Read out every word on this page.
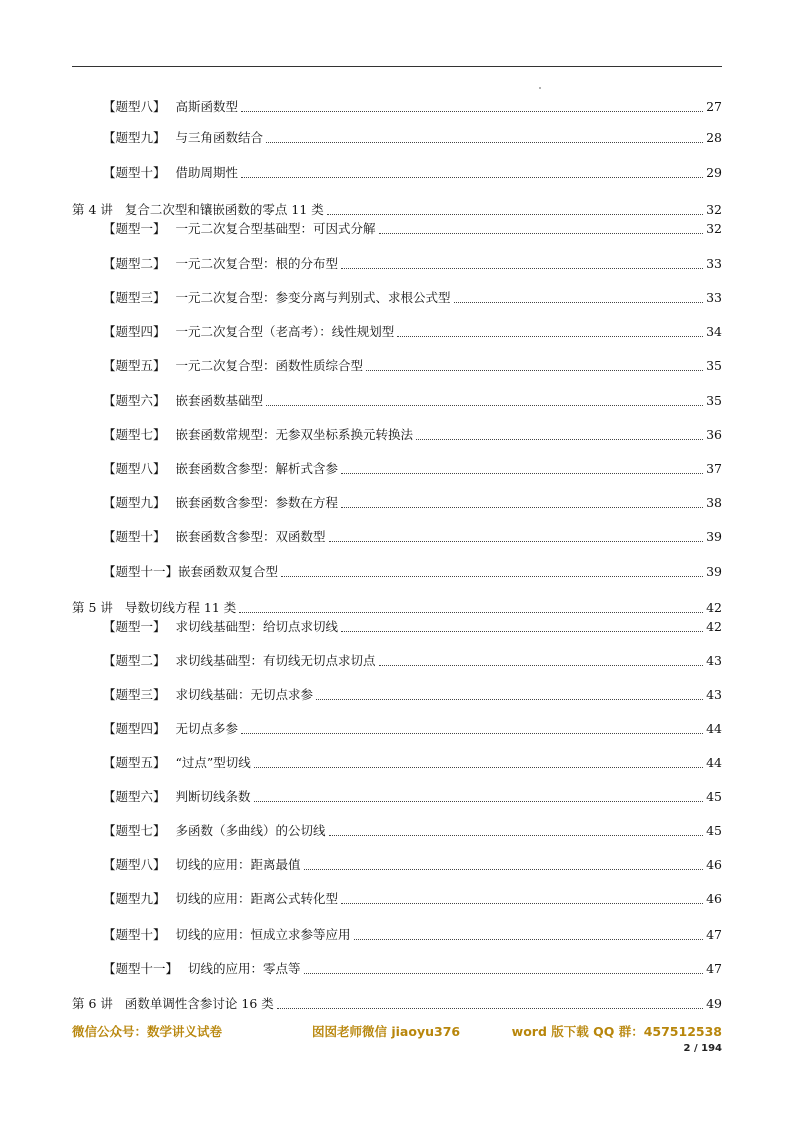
【题型八】 高斯函数型	27
【题型九】 与三角函数结合	28
【题型十】 借助周期性	29
第 4 讲 复合二次型和镶嵌函数的零点 11 类	32
【题型一】 一元二次复合型基础型：可因式分解	32
【题型二】 一元二次复合型：根的分布型	33
【题型三】 一元二次复合型：参变分离与判别式、求根公式型	33
【题型四】 一元二次复合型（老高考）：线性规划型	34
【题型五】 一元二次复合型：函数性质综合型	35
【题型六】 嵌套函数基础型	35
【题型七】 嵌套函数常规型：无参双坐标系换元转换法	36
【题型八】 嵌套函数含参型：解析式含参	37
【题型九】 嵌套函数含参型：参数在方程	38
【题型十】 嵌套函数含参型：双函数型	39
【题型十一】 嵌套函数双复合型	39
第 5 讲 导数切线方程 11 类	42
【题型一】 求切线基础型：给切点求切线	42
【题型二】 求切线基础型：有切线无切点求切点	43
【题型三】 求切线基础：无切点求参	43
【题型四】 无切点多参	44
【题型五】 “过点”型切线	44
【题型六】 判断切线条数	45
【题型七】 多函数（多曲线）的公切线	45
【题型八】 切线的应用：距离最值	46
【题型九】 切线的应用：距离公式转化型	46
【题型十】 切线的应用：恒成立求参等应用	47
【题型十一】 切线的应用：零点等	47
第 6 讲 函数单调性含参讨论 16 类	49
微信公众号：数学讲义试卷	囡囡老师微信 jiaoyu376	word 版下载 QQ 群：457512538
2 / 194
